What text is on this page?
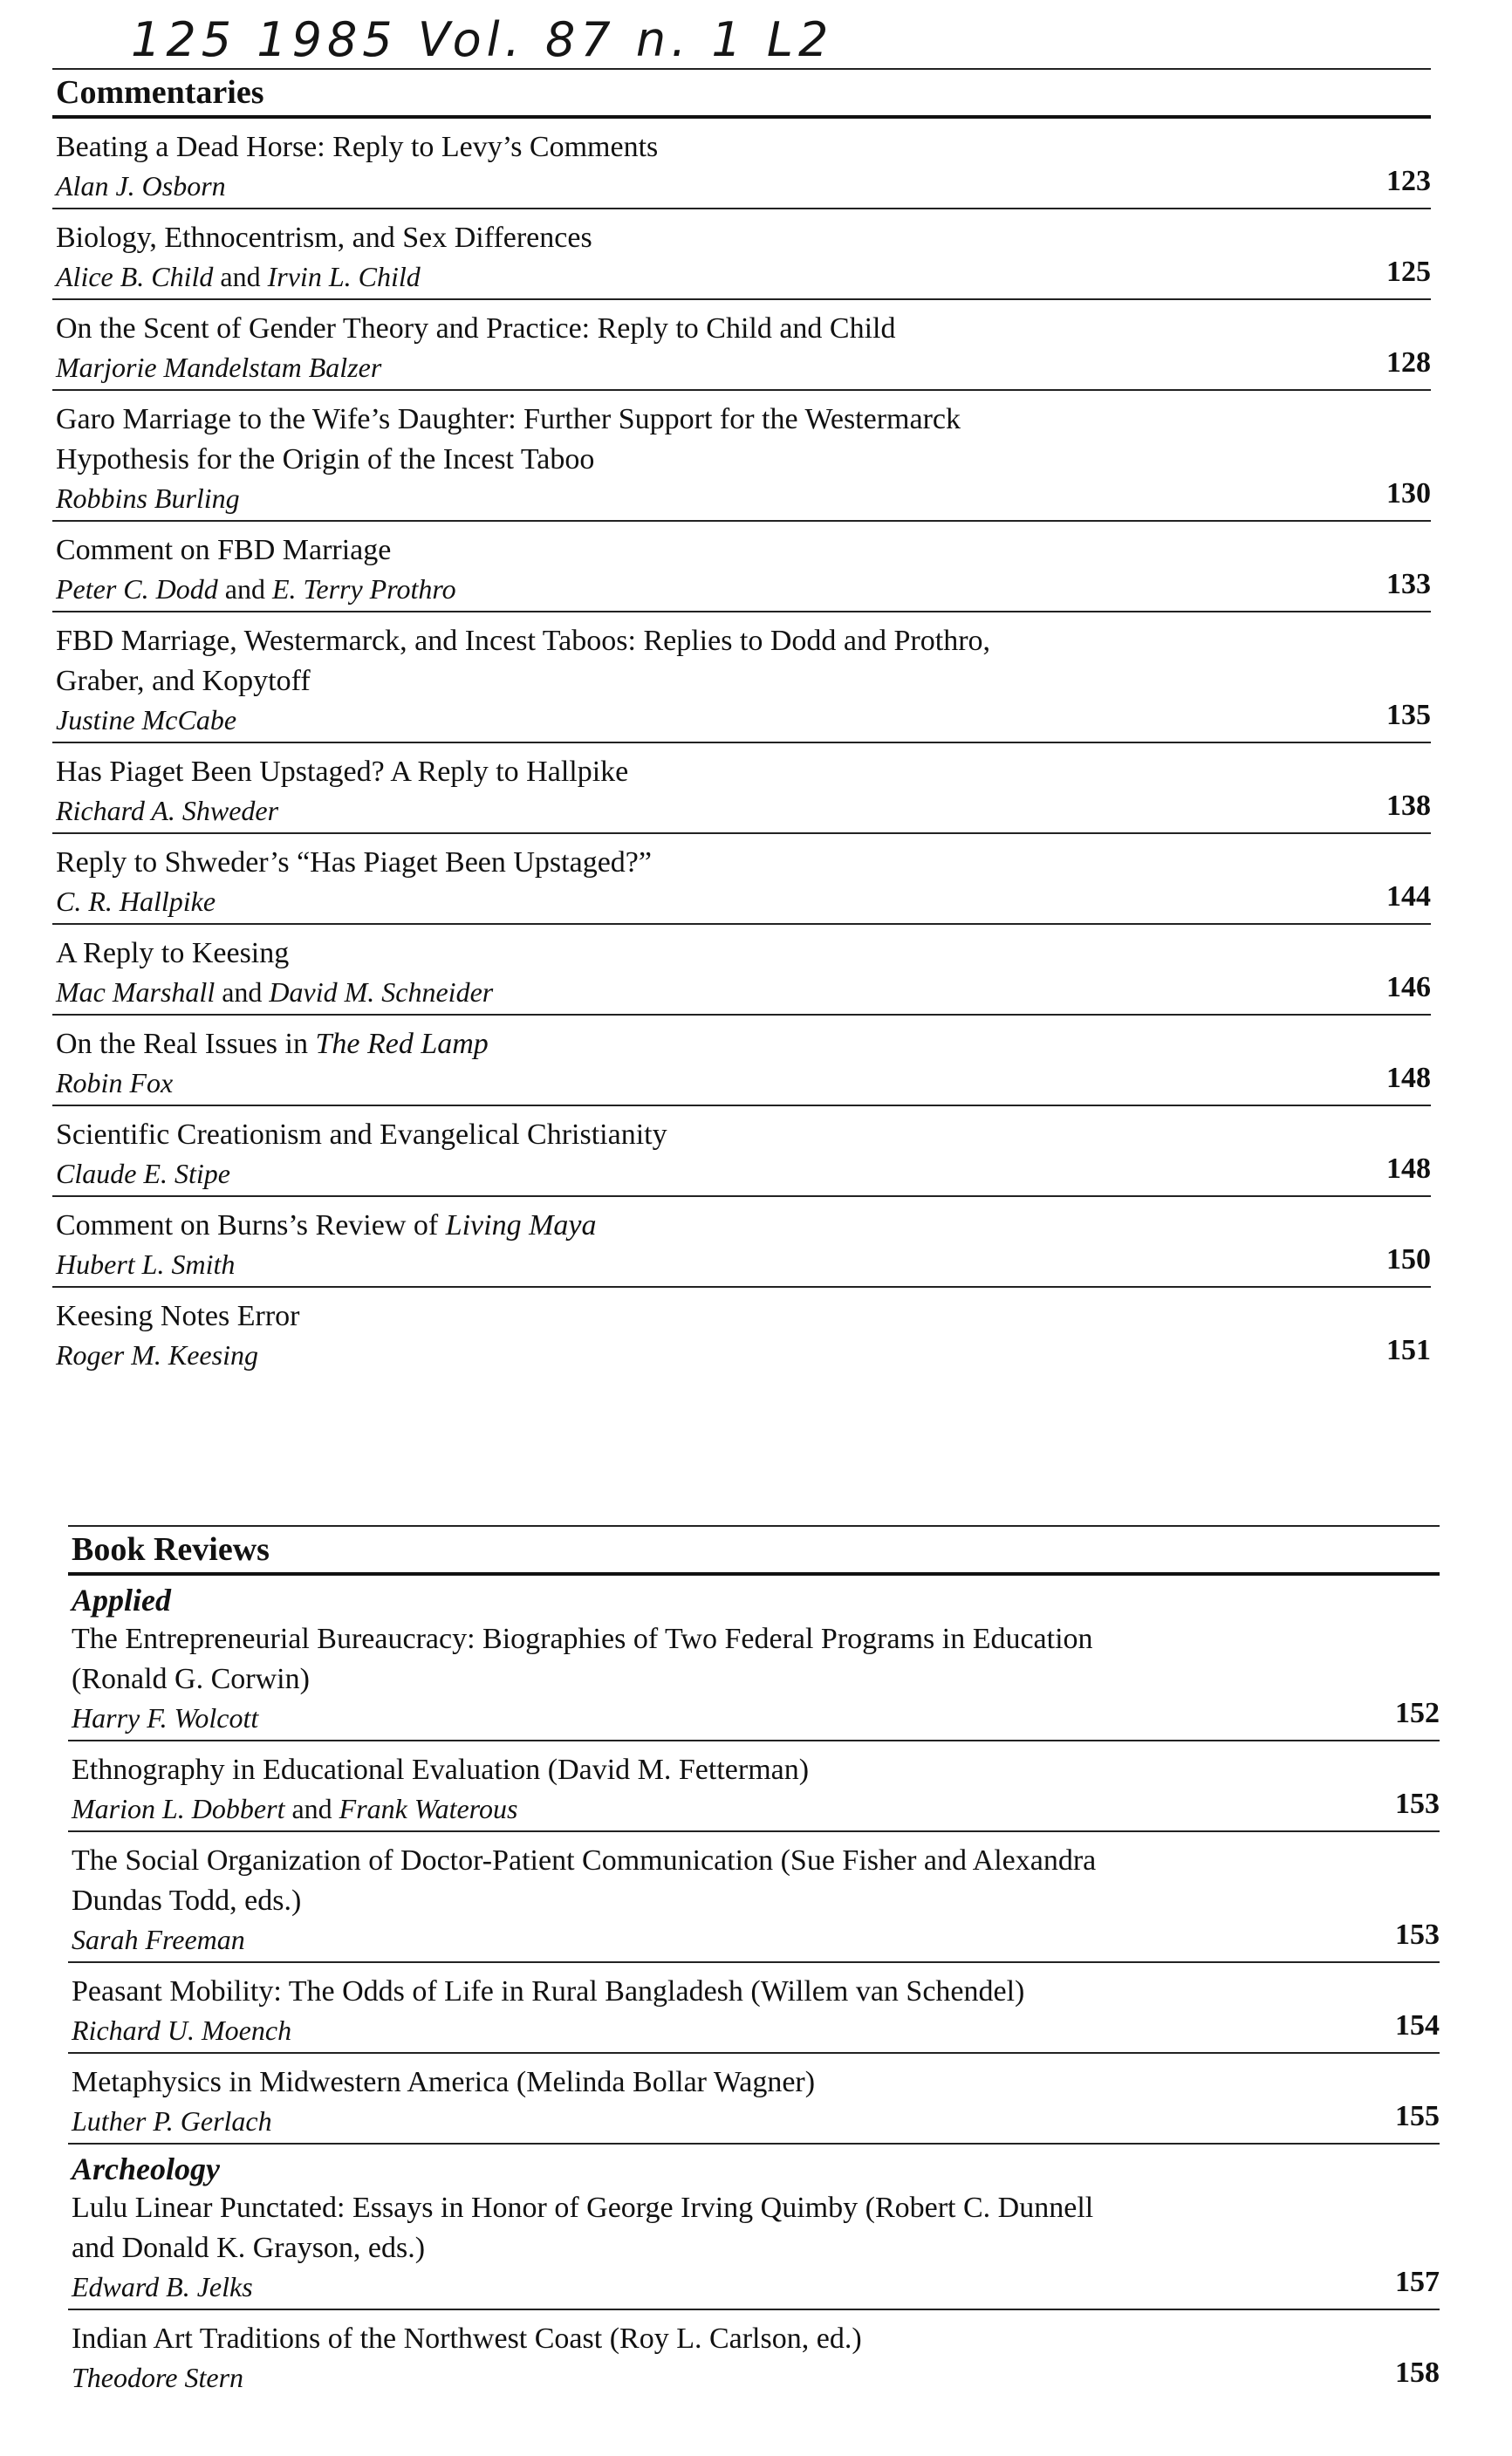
125 1985 Vol. 87 n. 1 L2
Commentaries
Beating a Dead Horse: Reply to Levy’s Comments
Alan J. Osborn	123
Biology, Ethnocentrism, and Sex Differences
Alice B. Child and Irvin L. Child	125
On the Scent of Gender Theory and Practice: Reply to Child and Child
Marjorie Mandelstam Balzer	128
Garo Marriage to the Wife’s Daughter: Further Support for the Westermarck
Hypothesis for the Origin of the Incest Taboo
Robbins Burling	130
Comment on FBD Marriage
Peter C. Dodd and E. Terry Prothro	133
FBD Marriage, Westermarck, and Incest Taboos: Replies to Dodd and Prothro,
Graber, and Kopytoff
Justine McCabe	135
Has Piaget Been Upstaged? A Reply to Hallpike
Richard A. Shweder	138
Reply to Shweder’s “Has Piaget Been Upstaged?”
C. R. Hallpike	144
A Reply to Keesing
Mac Marshall and David M. Schneider	146
On the Real Issues in The Red Lamp
Robin Fox	148
Scientific Creationism and Evangelical Christianity
Claude E. Stipe	148
Comment on Burns’s Review of Living Maya
Hubert L. Smith	150
Keesing Notes Error
Roger M. Keesing	151
Book Reviews
Applied
The Entrepreneurial Bureaucracy: Biographies of Two Federal Programs in Education
(Ronald G. Corwin)
Harry F. Wolcott	152
Ethnography in Educational Evaluation (David M. Fetterman)
Marion L. Dobbert and Frank Waterous	153
The Social Organization of Doctor-Patient Communication (Sue Fisher and Alexandra
Dundas Todd, eds.)
Sarah Freeman	153
Peasant Mobility: The Odds of Life in Rural Bangladesh (Willem van Schendel)
Richard U. Moench	154
Metaphysics in Midwestern America (Melinda Bollar Wagner)
Luther P. Gerlach	155
Archeology
Lulu Linear Punctated: Essays in Honor of George Irving Quimby (Robert C. Dunnell
and Donald K. Grayson, eds.)
Edward B. Jelks	157
Indian Art Traditions of the Northwest Coast (Roy L. Carlson, ed.)
Theodore Stern	158
